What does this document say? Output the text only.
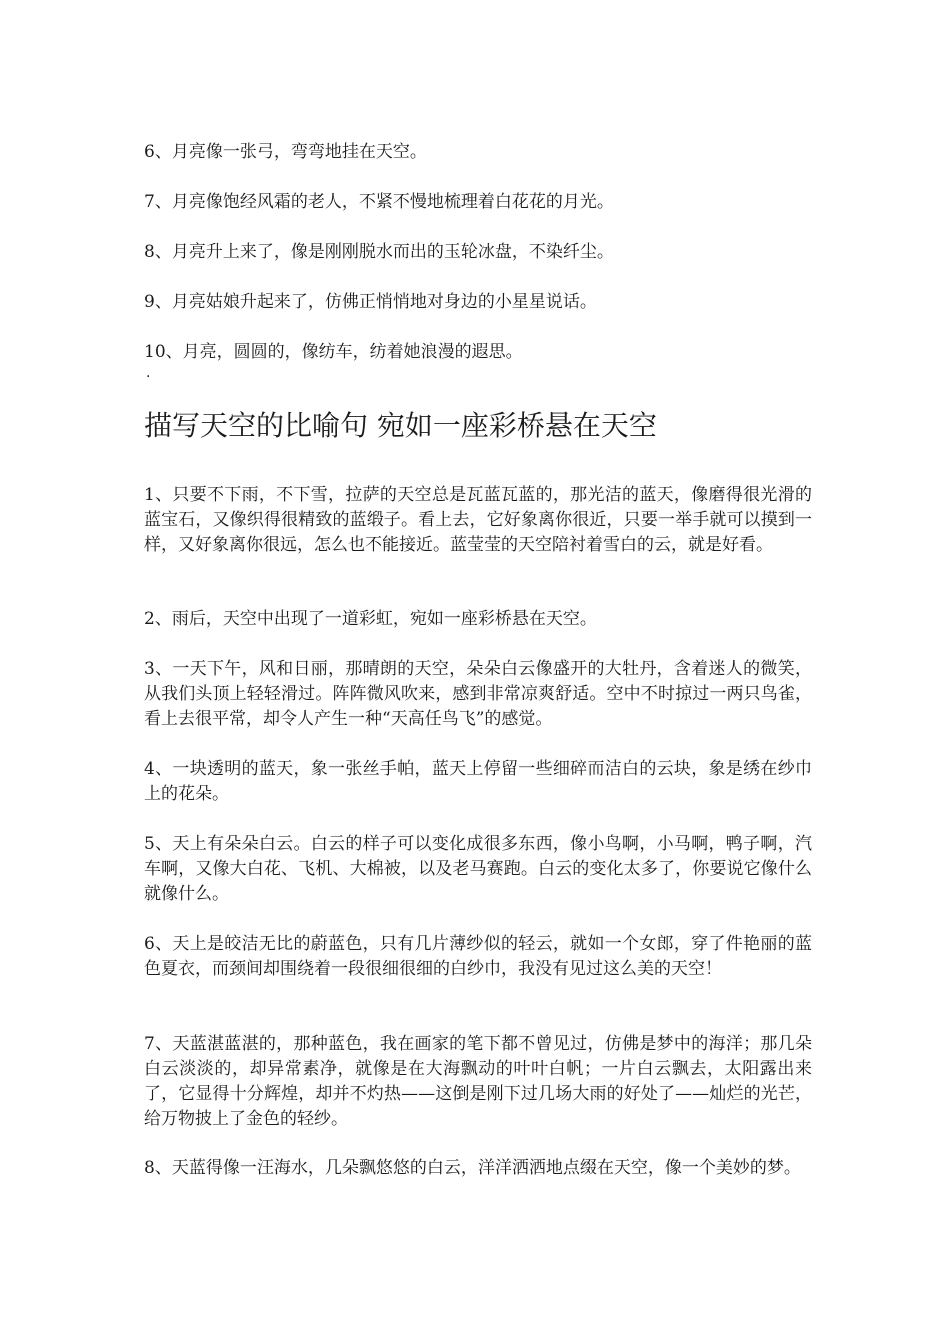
6、月亮像一张弓，弯弯地挂在天空。

7、月亮像饱经风霜的老人，不紧不慢地梳理着白花花的月光。

8、月亮升上来了，像是刚刚脱水而出的玉轮冰盘，不染纤尘。

9、月亮姑娘升起来了，仿佛正悄悄地对身边的小星星说话。

10、月亮，圆圆的，像纺车，纺着她浪漫的遐思。

·
描写天空的比喻句 宛如一座彩桥悬在天空

1、只要不下雨，不下雪，拉萨的天空总是瓦蓝瓦蓝的，那光洁的蓝天，像磨得很光滑的蓝宝石，又像织得很精致的蓝缎子。看上去，它好象离你很近，只要一举手就可以摸到一样，又好象离你很远，怎么也不能接近。蓝莹莹的天空陪衬着雪白的云，就是好看。

2、雨后，天空中出现了一道彩虹，宛如一座彩桥悬在天空。

3、一天下午，风和日丽，那晴朗的天空，朵朵白云像盛开的大牡丹，含着迷人的微笑，从我们头顶上轻轻滑过。阵阵微风吹来，感到非常凉爽舒适。空中不时掠过一两只鸟雀，看上去很平常，却令人产生一种“天高任鸟飞”的感觉。

4、一块透明的蓝天，象一张丝手帕，蓝天上停留一些细碎而洁白的云块，象是绣在纱巾上的花朵。

5、天上有朵朵白云。白云的样子可以变化成很多东西，像小鸟啊，小马啊，鸭子啊，汽车啊，又像大白花、飞机、大棉被，以及老马赛跑。白云的变化太多了，你要说它像什么就像什么。

6、天上是皎洁无比的蔚蓝色，只有几片薄纱似的轻云，就如一个女郎，穿了件艳丽的蓝色夏衣，而颈间却围绕着一段很细很细的白纱巾，我没有见过这么美的天空！

7、天蓝湛蓝湛的，那种蓝色，我在画家的笔下都不曾见过，仿佛是梦中的海洋；那几朵白云淡淡的，却异常素净，就像是在大海飘动的叶叶白帆；一片白云飘去，太阳露出来了，它显得十分辉煌，却并不灼热——这倒是刚下过几场大雨的好处了——灿烂的光芒，给万物披上了金色的轻纱。

8、天蓝得像一汪海水，几朵飘悠悠的白云，洋洋洒洒地点缀在天空，像一个美妙的梦。
